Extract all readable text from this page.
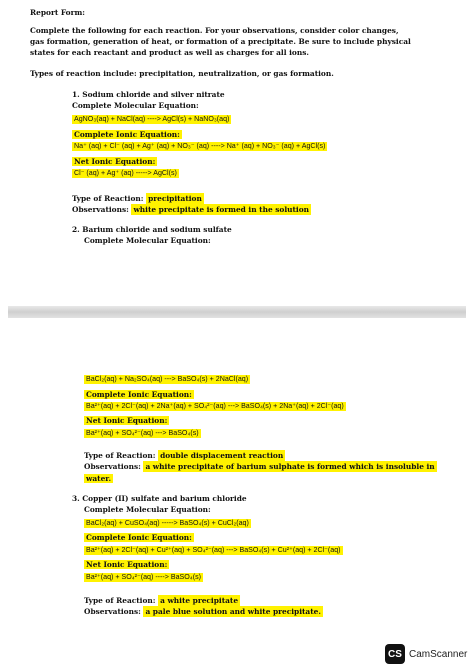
Report Form:
Complete the following for each reaction. For your observations, consider color changes,
gas formation, generation of heat, or formation of a precipitate. Be sure to include physical
states for each reactant and product as well as charges for all ions.
Types of reaction include: precipitation, neutralization, or gas formation.
1. Sodium chloride and silver nitrate
Complete Molecular Equation:
AgNO₃(aq) + NaCl(aq) ----> AgCl(s) + NaNO₃(aq)
Complete Ionic Equation:
Na⁺ (aq) + Cl⁻ (aq) + Ag⁺ (aq) + NO₃⁻ (aq) ----> Na⁺ (aq) + NO₃⁻ (aq) + AgCl(s)
Net Ionic Equation:
Cl⁻ (aq) + Ag⁺ (aq) -----> AgCl(s)
Type of Reaction: precipitation
Observations: white precipitate is formed in the solution
2. Barium chloride and sodium sulfate
Complete Molecular Equation:
BaCl₂(aq) + Na₂SO₄(aq) ---> BaSO₄(s) + 2NaCl(aq)
Complete Ionic Equation:
Ba²⁺(aq) + 2Cl⁻(aq) + 2Na⁺(aq) + SO₄²⁻(aq) ---> BaSO₄(s) + 2Na⁺(aq) + 2Cl⁻(aq)
Net Ionic Equation:
Ba²⁺(aq) + SO₄²⁻(aq) ---> BaSO₄(s)
Type of Reaction: double displacement reaction
Observations: a white precipitate of barium sulphate is formed which is insoluble in
water.
3. Copper (II) sulfate and barium chloride
Complete Molecular Equation:
BaCl₂(aq) + CuSO₄(aq) -----> BaSO₄(s) + CuCl₂(aq)
Complete Ionic Equation:
Ba²⁺(aq) + 2Cl⁻(aq) + Cu²⁺(aq) + SO₄²⁻(aq) ---> BaSO₄(s) + Cu²⁺(aq) + 2Cl⁻(aq)
Net Ionic Equation:
Ba²⁺(aq) + SO₄²⁻(aq) ----> BaSO₄(s)
Type of Reaction: a white precipitate
Observations: a pale blue solution and white precipitate.
CS CamScanner
